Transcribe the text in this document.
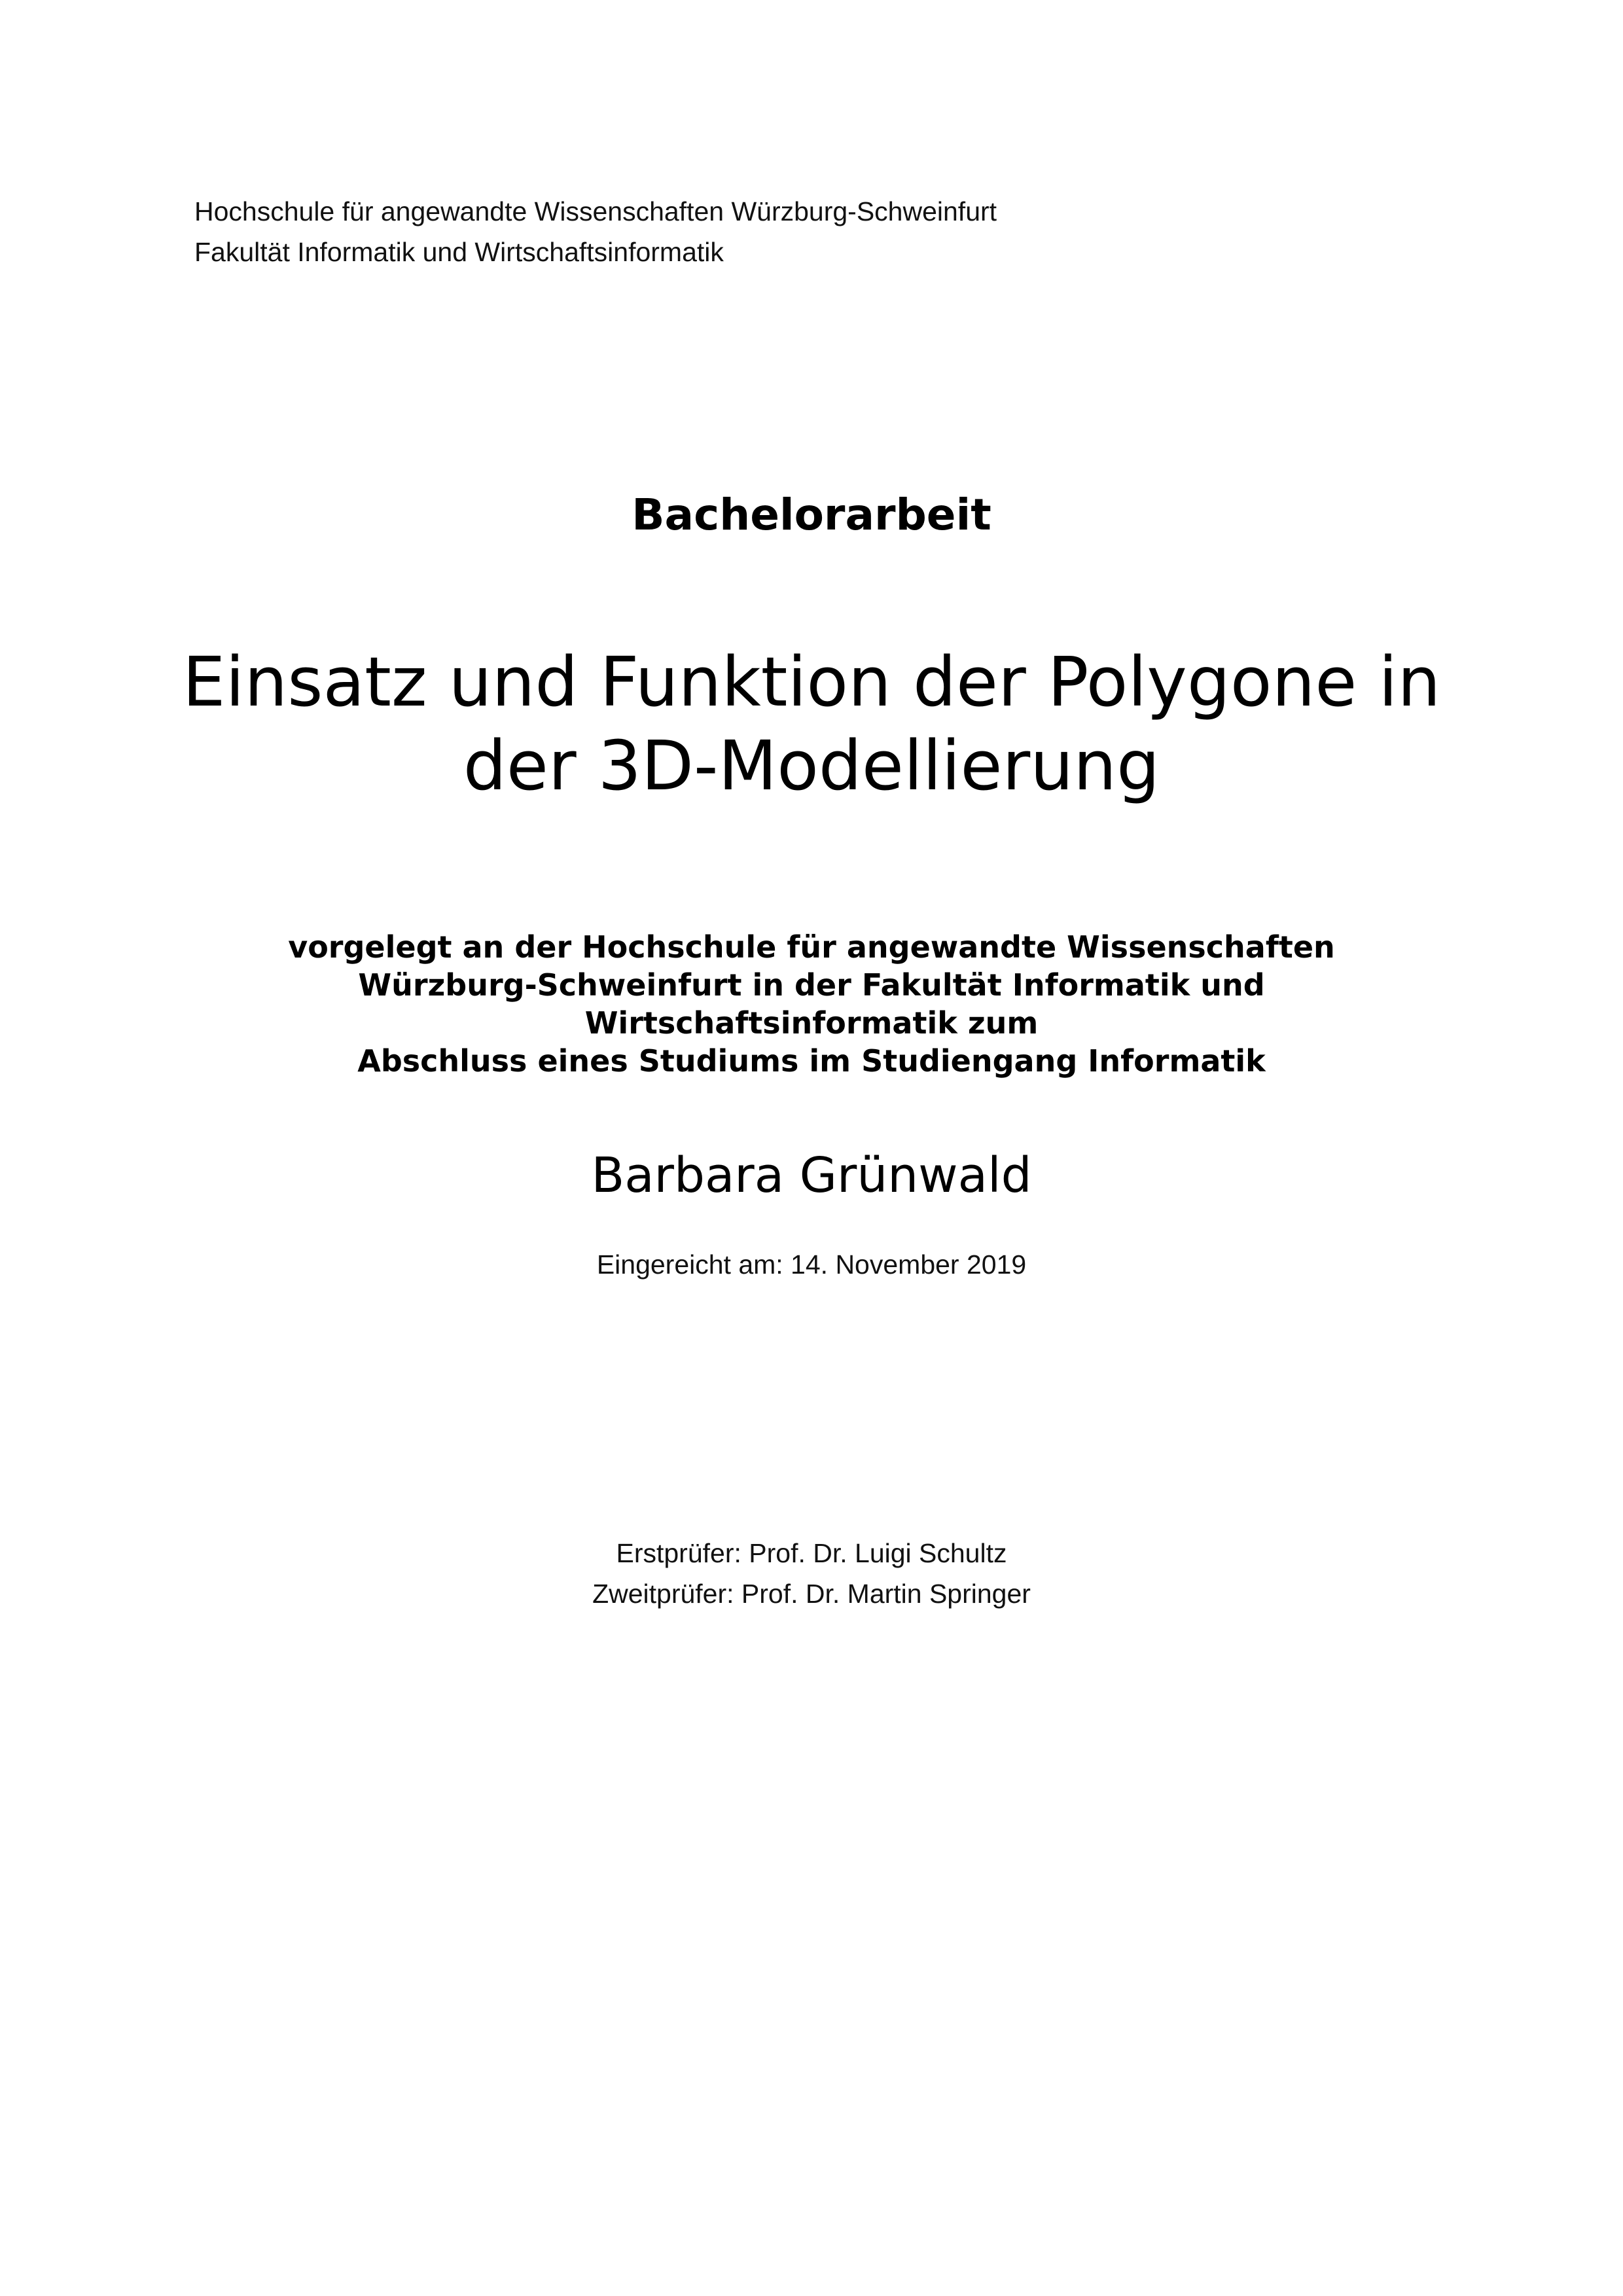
Hochschule für angewandte Wissenschaften Würzburg-Schweinfurt
Fakultät Informatik und Wirtschaftsinformatik
Bachelorarbeit
Einsatz und Funktion der Polygone in
der 3D-Modellierung
vorgelegt an der Hochschule für angewandte Wissenschaften
Würzburg-Schweinfurt in der Fakultät Informatik und
Wirtschaftsinformatik zum
Abschluss eines Studiums im Studiengang Informatik
Barbara Grünwald
Eingereicht am: 14. November 2019
Erstprüfer: Prof. Dr. Luigi Schultz
Zweitprüfer: Prof. Dr. Martin Springer
